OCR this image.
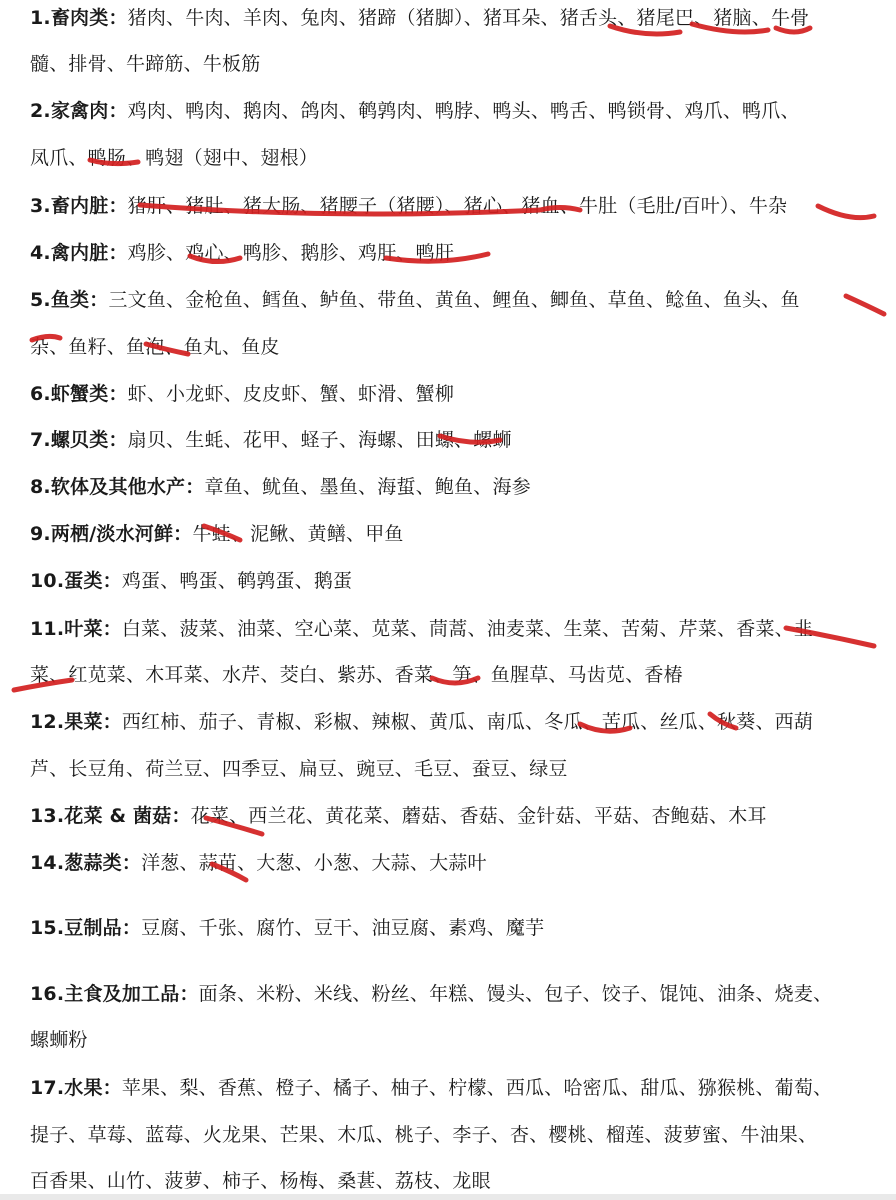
1.畜肉类：猪肉、牛肉、羊肉、兔肉、猪蹄（猪脚）、猪耳朵、猪舌头、猪尾巴、猪脑、牛骨
髓、排骨、牛蹄筋、牛板筋
2.家禽肉：鸡肉、鸭肉、鹅肉、鸽肉、鹌鹑肉、鸭脖、鸭头、鸭舌、鸭锁骨、鸡爪、鸭爪、
凤爪、鸭肠、鸭翅（翅中、翅根）
3.畜内脏：猪肝、猪肚、猪大肠、猪腰子（猪腰）、猪心、猪血、牛肚（毛肚/百叶）、牛杂
4.禽内脏：鸡胗、鸡心、鸭胗、鹅胗、鸡肝、鸭肝
5.鱼类：三文鱼、金枪鱼、鳕鱼、鲈鱼、带鱼、黄鱼、鲤鱼、鲫鱼、草鱼、鲶鱼、鱼头、鱼
杂、鱼籽、鱼泡、鱼丸、鱼皮
6.虾蟹类：虾、小龙虾、皮皮虾、蟹、虾滑、蟹柳
7.螺贝类：扇贝、生蚝、花甲、蛏子、海螺、田螺、螺蛳
8.软体及其他水产：章鱼、鱿鱼、墨鱼、海蜇、鲍鱼、海参
9.两栖/淡水河鲜：牛蛙、泥鳅、黄鳝、甲鱼
10.蛋类：鸡蛋、鸭蛋、鹌鹑蛋、鹅蛋
11.叶菜：白菜、菠菜、油菜、空心菜、苋菜、茼蒿、油麦菜、生菜、苦菊、芹菜、香菜、韭
菜、红苋菜、木耳菜、水芹、茭白、紫苏、香菜、笋、鱼腥草、马齿苋、香椿
12.果菜：西红柿、茄子、青椒、彩椒、辣椒、黄瓜、南瓜、冬瓜、苦瓜、丝瓜、秋葵、西葫
芦、长豆角、荷兰豆、四季豆、扁豆、豌豆、毛豆、蚕豆、绿豆
13.花菜 & 菌菇：花菜、西兰花、黄花菜、蘑菇、香菇、金针菇、平菇、杏鲍菇、木耳
14.葱蒜类：洋葱、蒜苗、大葱、小葱、大蒜、大蒜叶
15.豆制品：豆腐、千张、腐竹、豆干、油豆腐、素鸡、魔芋
16.主食及加工品：面条、米粉、米线、粉丝、年糕、馒头、包子、饺子、馄饨、油条、烧麦、
螺蛳粉
17.水果：苹果、梨、香蕉、橙子、橘子、柚子、柠檬、西瓜、哈密瓜、甜瓜、猕猴桃、葡萄、
提子、草莓、蓝莓、火龙果、芒果、木瓜、桃子、李子、杏、樱桃、榴莲、菠萝蜜、牛油果、
百香果、山竹、菠萝、柿子、杨梅、桑葚、荔枝、龙眼
